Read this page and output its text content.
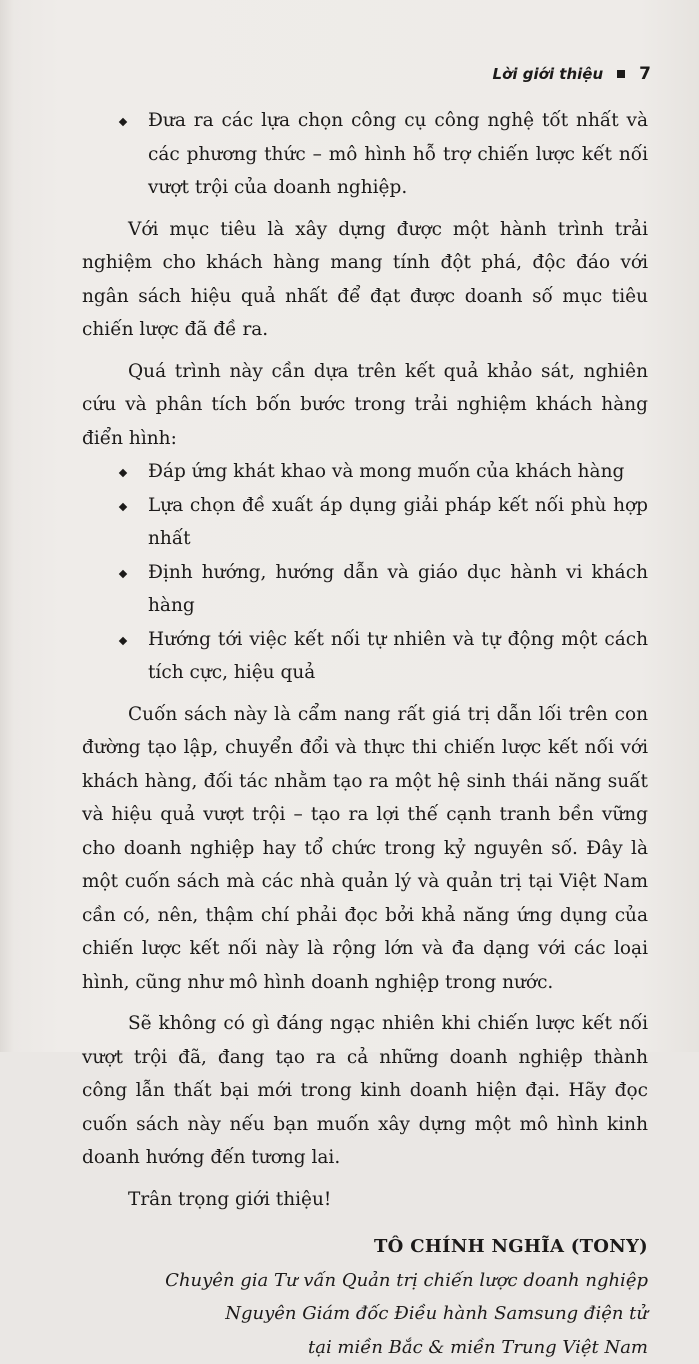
Lời giới thiệu 7
Đưa ra các lựa chọn công cụ công nghệ tốt nhất và các phương thức – mô hình hỗ trợ chiến lược kết nối vượt trội của doanh nghiệp.

Với mục tiêu là xây dựng được một hành trình trải nghiệm cho khách hàng mang tính đột phá, độc đáo với ngân sách hiệu quả nhất để đạt được doanh số mục tiêu chiến lược đã đề ra.

Quá trình này cần dựa trên kết quả khảo sát, nghiên cứu và phân tích bốn bước trong trải nghiệm khách hàng điển hình:

Đáp ứng khát khao và mong muốn của khách hàng
Lựa chọn đề xuất áp dụng giải pháp kết nối phù hợp nhất
Định hướng, hướng dẫn và giáo dục hành vi khách hàng
Hướng tới việc kết nối tự nhiên và tự động một cách tích cực, hiệu quả

Cuốn sách này là cẩm nang rất giá trị dẫn lối trên con đường tạo lập, chuyển đổi và thực thi chiến lược kết nối với khách hàng, đối tác nhằm tạo ra một hệ sinh thái năng suất và hiệu quả vượt trội – tạo ra lợi thế cạnh tranh bền vững cho doanh nghiệp hay tổ chức trong kỷ nguyên số. Đây là một cuốn sách mà các nhà quản lý và quản trị tại Việt Nam cần có, nên, thậm chí phải đọc bởi khả năng ứng dụng của chiến lược kết nối này là rộng lớn và đa dạng với các loại hình, cũng như mô hình doanh nghiệp trong nước.

Sẽ không có gì đáng ngạc nhiên khi chiến lược kết nối vượt trội đã, đang tạo ra cả những doanh nghiệp thành công lẫn thất bại mới trong kinh doanh hiện đại. Hãy đọc cuốn sách này nếu bạn muốn xây dựng một mô hình kinh doanh hướng đến tương lai.

Trân trọng giới thiệu!

TÔ CHÍNH NGHĨA (TONY)
Chuyên gia Tư vấn Quản trị chiến lược doanh nghiệp
Nguyên Giám đốc Điều hành Samsung điện tử
tại miền Bắc & miền Trung Việt Nam
